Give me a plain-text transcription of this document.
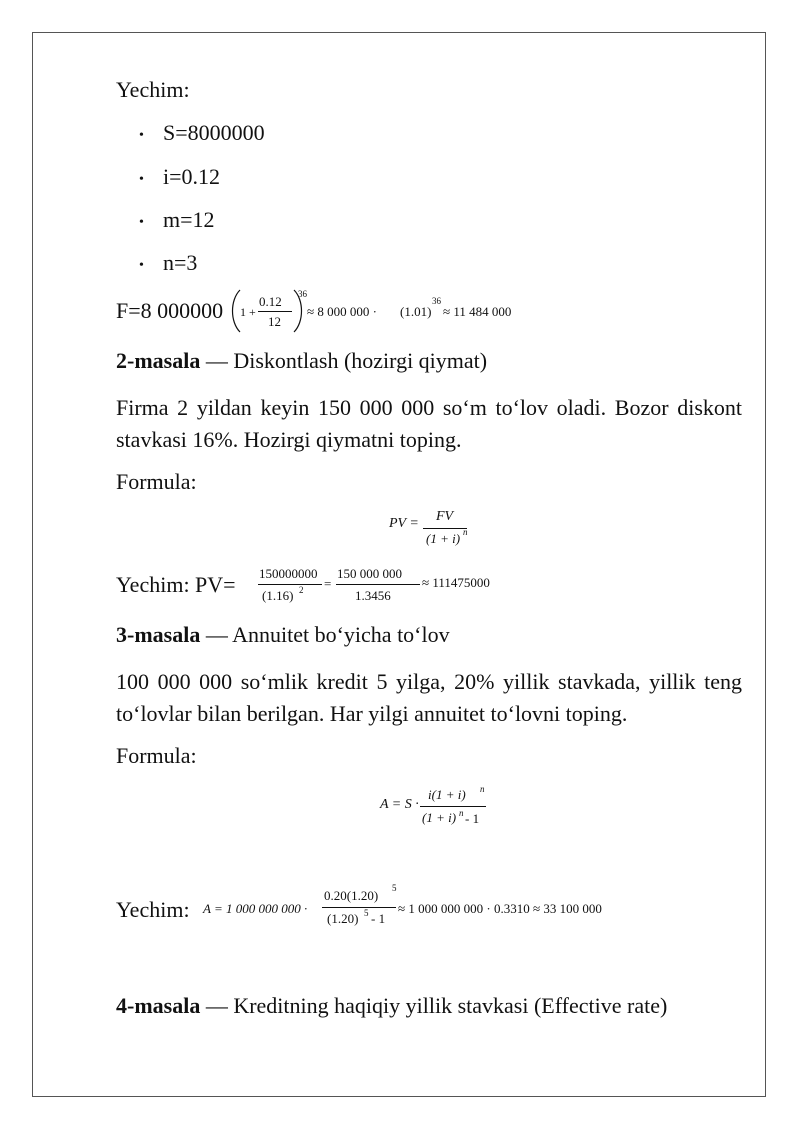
Yechim:
• S=8000000
• i=0.12
• m=12
• n=3
F=8 000000 1 +
0.12
12
36
≈ 8 000 000 · (1.01)
36
≈ 11 484 000
2-masala — Diskontlash (hozirgi qiymat)
Firma 2 yildan keyin 150 000 000 so‘m to‘lov oladi. Bozor diskont stavkasi 16%. Hozirgi qiymatni toping.
Formula:
PV = FV
(1 + i) n
Yechim: PV= 150000000
(1.16) 2 =
150 000 000
1.3456
≈ 111475000
3-masala — Annuitet bo‘yicha to‘lov
100 000 000 so‘mlik kredit 5 yilga, 20% yillik stavkada, yillik teng to‘lovlar bilan berilgan. Har yilgi annuitet to‘lovni toping.
Formula:
A = S ·
i(1 + i) n
(1 + i) n - 1
Yechim: A = 1 000 000 000 ·
0.20(1.20) 5
(1.20) 5 - 1
≈ 1 000 000 000 · 0.3310 ≈ 33 100 000
4-masala — Kreditning haqiqiy yillik stavkasi (Effective rate)
